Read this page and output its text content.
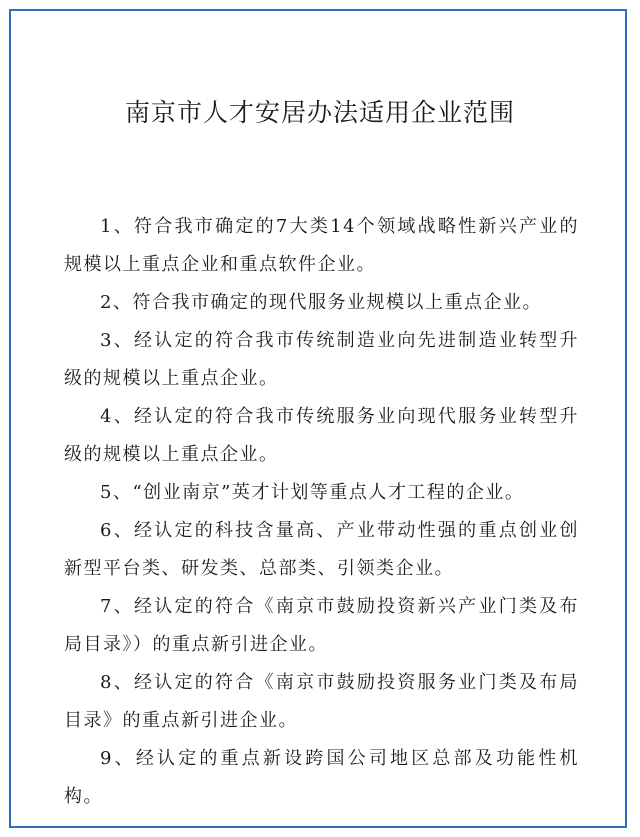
南京市人才安居办法适用企业范围
1、符合我市确定的7大类14个领域战略性新兴产业的规模以上重点企业和重点软件企业。
2、符合我市确定的现代服务业规模以上重点企业。
3、经认定的符合我市传统制造业向先进制造业转型升级的规模以上重点企业。
4、经认定的符合我市传统服务业向现代服务业转型升级的规模以上重点企业。
5、“创业南京”英才计划等重点人才工程的企业。
6、经认定的科技含量高、产业带动性强的重点创业创新型平台类、研发类、总部类、引领类企业。
7、经认定的符合《南京市鼓励投资新兴产业门类及布局目录》）的重点新引进企业。
8、经认定的符合《南京市鼓励投资服务业门类及布局目录》的重点新引进企业。
9、经认定的重点新设跨国公司地区总部及功能性机构。
